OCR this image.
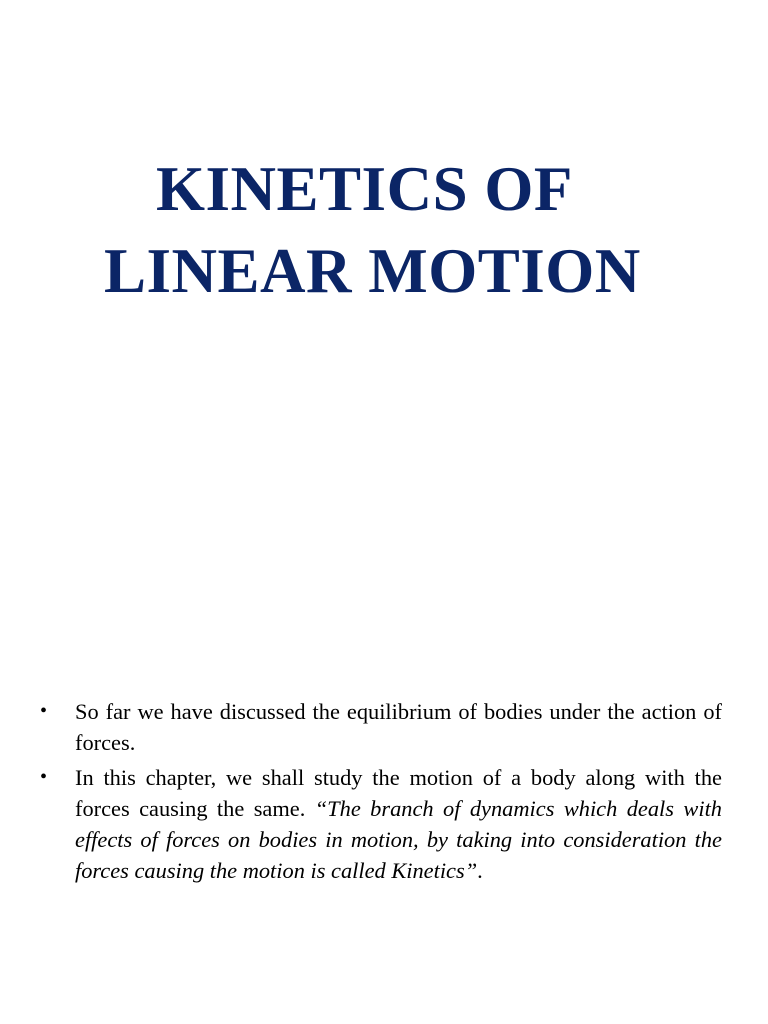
KINETICS OF
LINEAR MOTION
• So far we have discussed the equilibrium of bodies under the action of forces.
• In this chapter, we shall study the motion of a body along with the forces causing the same. “The branch of dynamics which deals with effects of forces on bodies in motion, by taking into consideration the forces causing the motion is called Kinetics”.
